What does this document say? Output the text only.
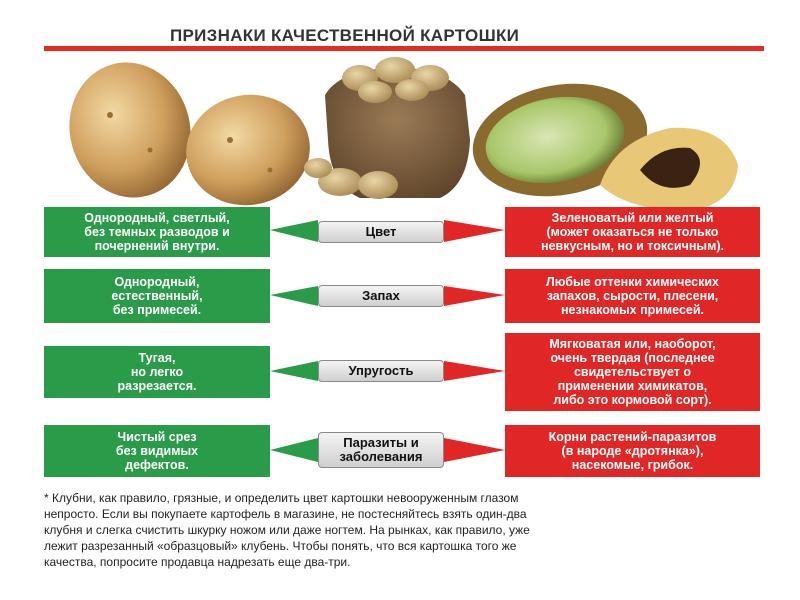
ПРИЗНАКИ КАЧЕСТВЕННОЙ КАРТОШКИ
Однородный, светлый,
без темных разводов и
почернений внутри.
Цвет
Зеленоватый или желтый
(может оказаться не только
невкусным, но и токсичным).
Однородный,
естественный,
без примесей.
Запах
Любые оттенки химических
запахов, сырости, плесени,
незнакомых примесей.
Тугая,
но легко
разрезается.
Упругость
Мягковатая или, наоборот,
очень твердая (последнее
свидетельствует о
применении химикатов,
либо это кормовой сорт).
Чистый срез
без видимых
дефектов.
Паразиты и
заболевания
Корни растений-паразитов
(в народе «дротянка»),
насекомые, грибок.
* Клубни, как правило, грязные, и определить цвет картошки невооруженным глазом
непросто. Если вы покупаете картофель в магазине, не постесняйтесь взять один-два
клубня и слегка счистить шкурку ножом или даже ногтем. На рынках, как правило, уже
лежит разрезанный «образцовый» клубень. Чтобы понять, что вся картошка того же
качества, попросите продавца надрезать еще два-три.
